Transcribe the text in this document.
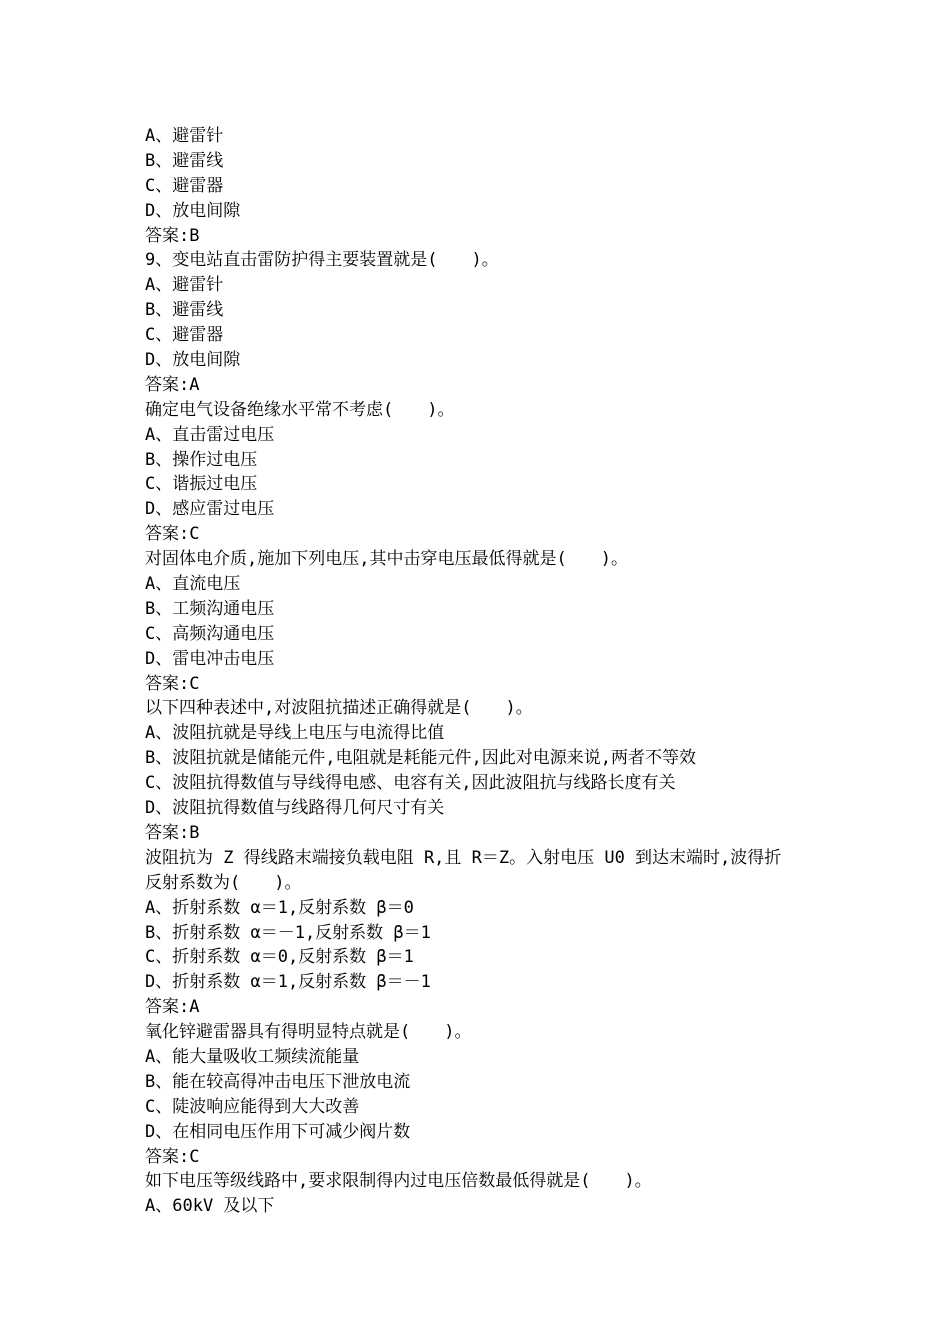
A、避雷针
B、避雷线
C、避雷器
D、放电间隙
答案:B
9、变电站直击雷防护得主要装置就是(　　)。
A、避雷针
B、避雷线
C、避雷器
D、放电间隙
答案:A
确定电气设备绝缘水平常不考虑(　　)。
A、直击雷过电压
B、操作过电压
C、谐振过电压
D、感应雷过电压
答案:C
对固体电介质,施加下列电压,其中击穿电压最低得就是(　　)。
A、直流电压
B、工频沟通电压
C、高频沟通电压
D、雷电冲击电压
答案:C
以下四种表述中,对波阻抗描述正确得就是(　　)。
A、波阻抗就是导线上电压与电流得比值
B、波阻抗就是储能元件,电阻就是耗能元件,因此对电源来说,两者不等效
C、波阻抗得数值与导线得电感、电容有关,因此波阻抗与线路长度有关
D、波阻抗得数值与线路得几何尺寸有关
答案:B
波阻抗为 Z 得线路末端接负载电阻 R,且 R＝Z。入射电压 U0 到达末端时,波得折
反射系数为(　　)。
A、折射系数 α＝1,反射系数 β＝0
B、折射系数 α＝－1,反射系数 β＝1
C、折射系数 α＝0,反射系数 β＝1
D、折射系数 α＝1,反射系数 β＝－1
答案:A
氧化锌避雷器具有得明显特点就是(　　)。
A、能大量吸收工频续流能量
B、能在较高得冲击电压下泄放电流
C、陡波响应能得到大大改善
D、在相同电压作用下可减少阀片数
答案:C
如下电压等级线路中,要求限制得内过电压倍数最低得就是(　　)。
A、60kV 及以下
